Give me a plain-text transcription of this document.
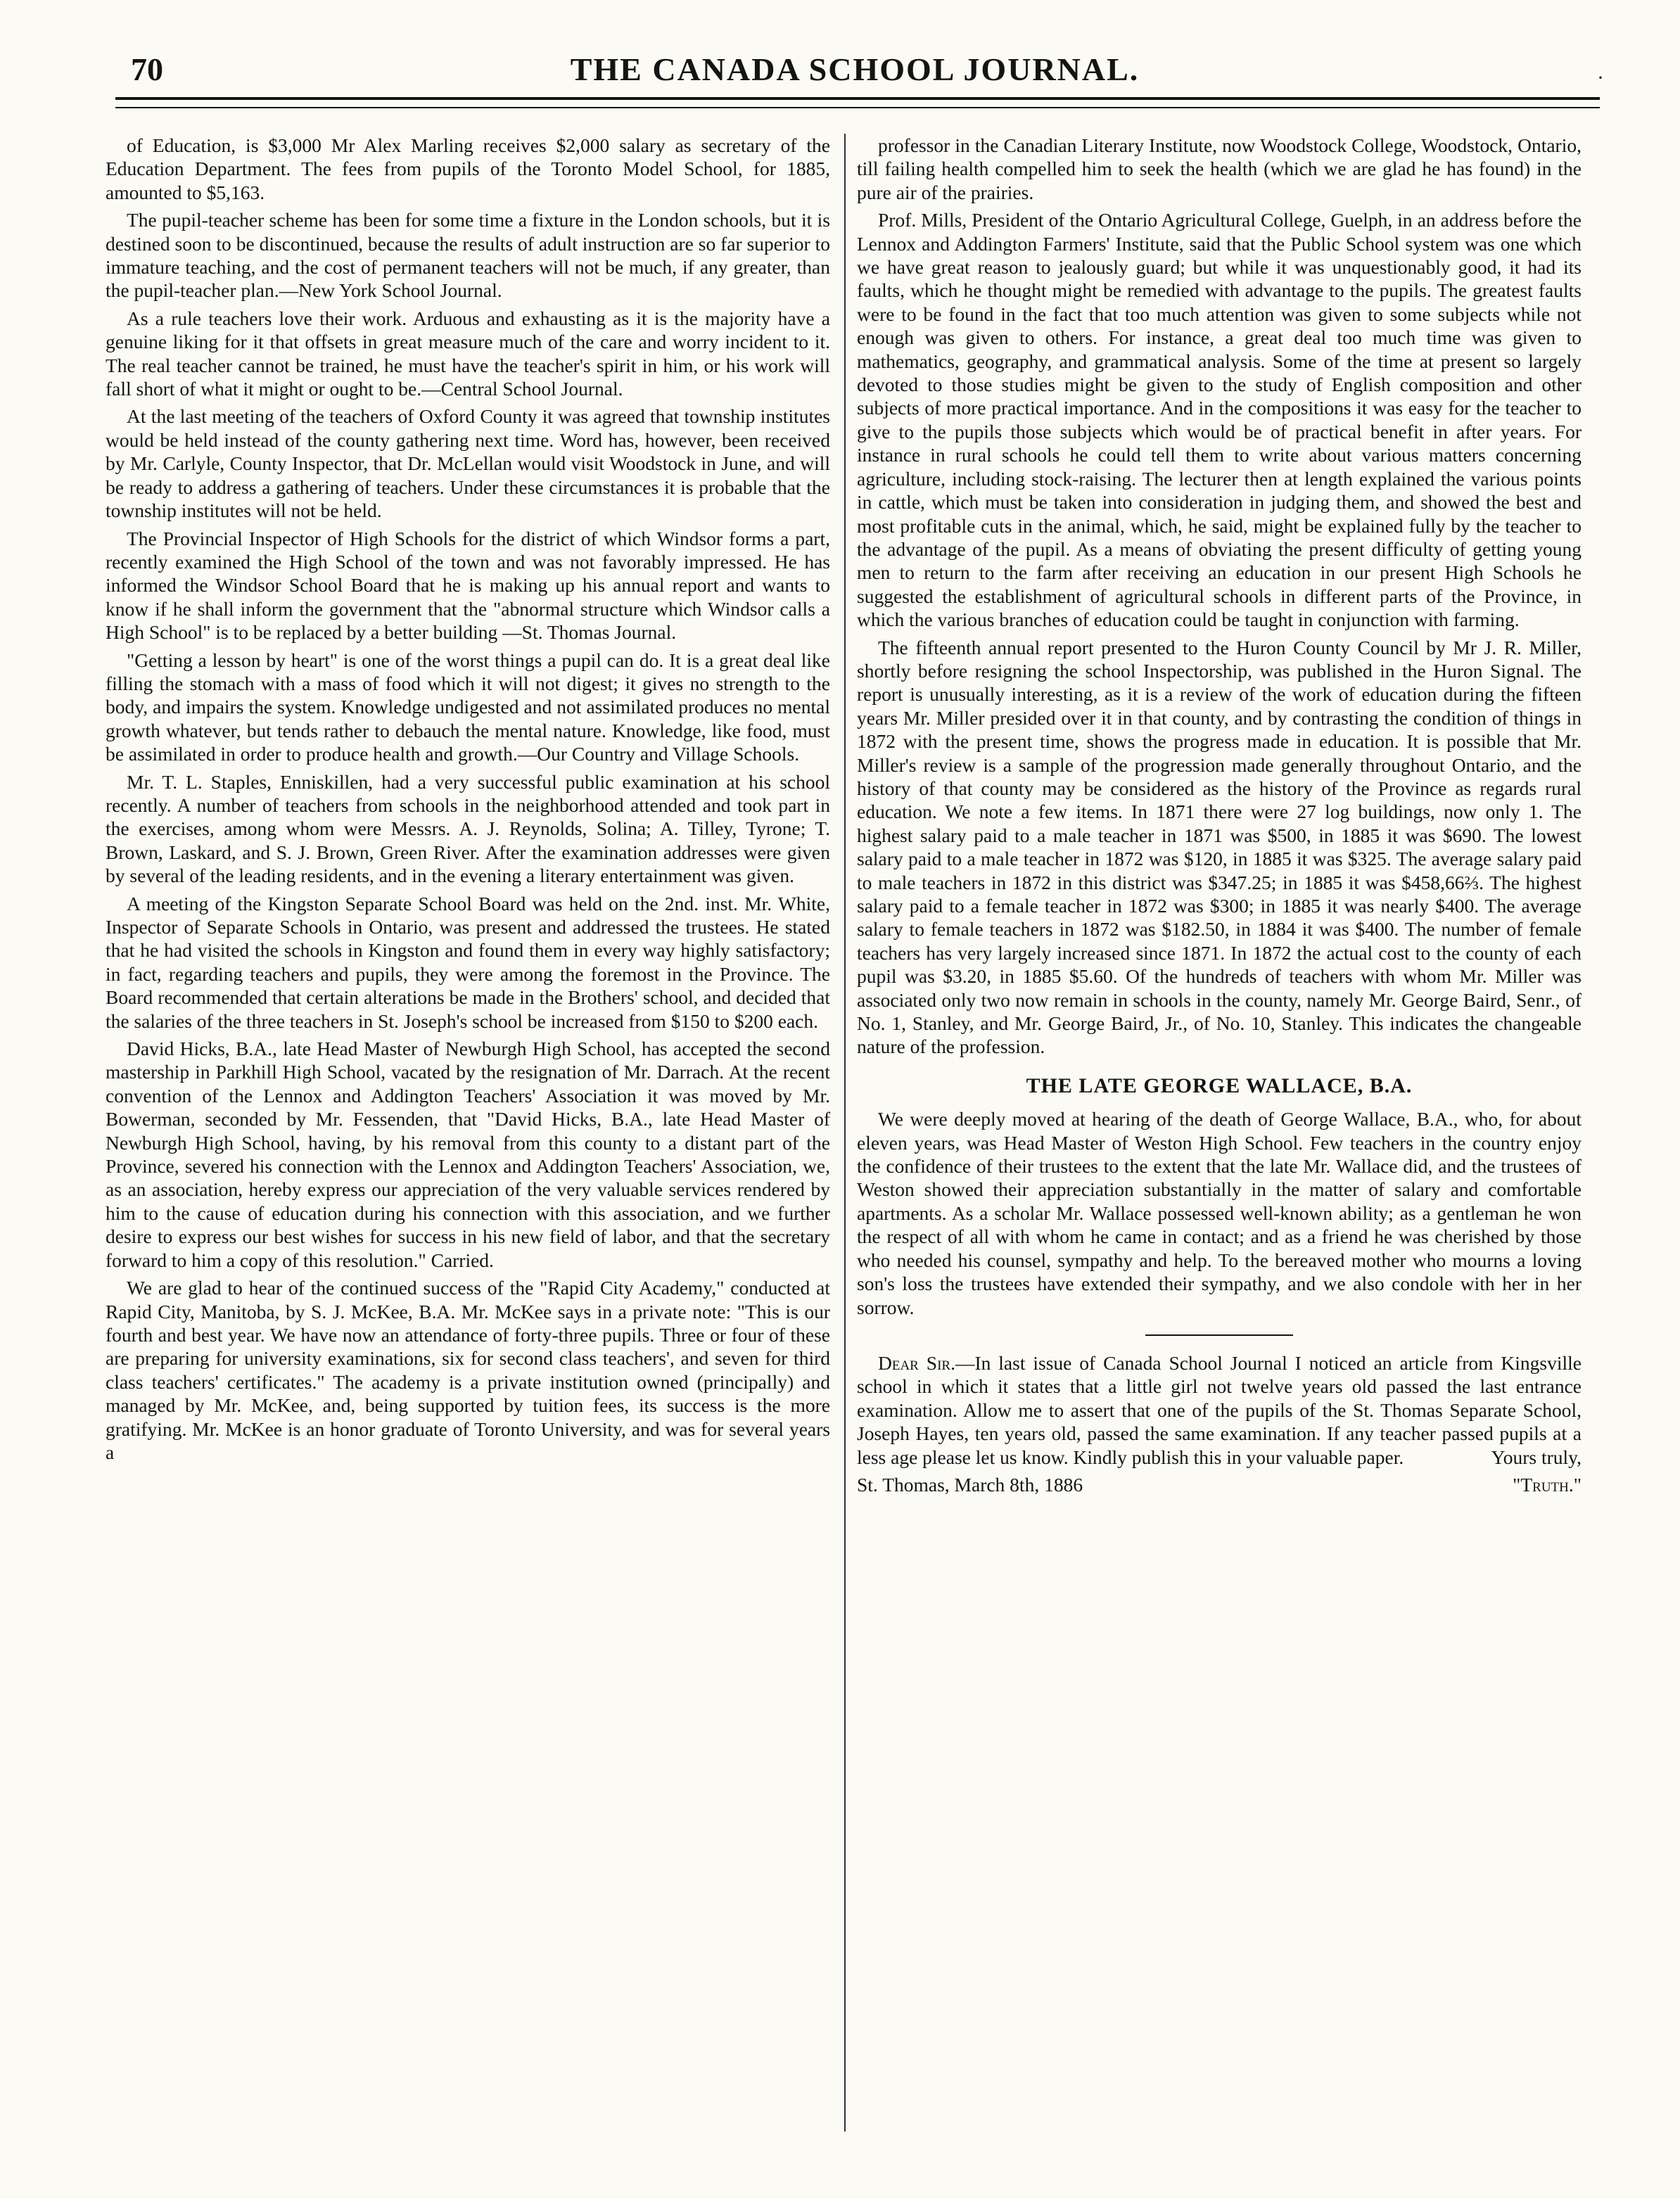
70	THE CANADA SCHOOL JOURNAL.	·

of Education, is $3,000 Mr Alex Marling receives $2,000 salary as secretary of the Education Department. The fees from pupils of the Toronto Model School, for 1885, amounted to $5,163.

The pupil-teacher scheme has been for some time a fixture in the London schools, but it is destined soon to be discontinued, because the results of adult instruction are so far superior to immature teaching, and the cost of permanent teachers will not be much, if any greater, than the pupil-teacher plan.—New York School Journal.

As a rule teachers love their work. Arduous and exhausting as it is the majority have a genuine liking for it that offsets in great measure much of the care and worry incident to it. The real teacher cannot be trained, he must have the teacher's spirit in him, or his work will fall short of what it might or ought to be.—Central School Journal.

At the last meeting of the teachers of Oxford County it was agreed that township institutes would be held instead of the county gathering next time. Word has, however, been received by Mr. Carlyle, County Inspector, that Dr. McLellan would visit Woodstock in June, and will be ready to address a gathering of teachers. Under these circumstances it is probable that the township institutes will not be held.

The Provincial Inspector of High Schools for the district of which Windsor forms a part, recently examined the High School of the town and was not favorably impressed. He has informed the Windsor School Board that he is making up his annual report and wants to know if he shall inform the government that the "abnormal structure which Windsor calls a High School" is to be replaced by a better building —St. Thomas Journal.

"Getting a lesson by heart" is one of the worst things a pupil can do. It is a great deal like filling the stomach with a mass of food which it will not digest; it gives no strength to the body, and impairs the system. Knowledge undigested and not assimilated produces no mental growth whatever, but tends rather to debauch the mental nature. Knowledge, like food, must be assimilated in order to produce health and growth.—Our Country and Village Schools.

Mr. T. L. Staples, Enniskillen, had a very successful public examination at his school recently. A number of teachers from schools in the neighborhood attended and took part in the exercises, among whom were Messrs. A. J. Reynolds, Solina; A. Tilley, Tyrone; T. Brown, Laskard, and S. J. Brown, Green River. After the examination addresses were given by several of the leading residents, and in the evening a literary entertainment was given.

A meeting of the Kingston Separate School Board was held on the 2nd. inst. Mr. White, Inspector of Separate Schools in Ontario, was present and addressed the trustees. He stated that he had visited the schools in Kingston and found them in every way highly satisfactory; in fact, regarding teachers and pupils, they were among the foremost in the Province. The Board recommended that certain alterations be made in the Brothers' school, and decided that the salaries of the three teachers in St. Joseph's school be increased from $150 to $200 each.

David Hicks, B.A., late Head Master of Newburgh High School, has accepted the second mastership in Parkhill High School, vacated by the resignation of Mr. Darrach. At the recent convention of the Lennox and Addington Teachers' Association it was moved by Mr. Bowerman, seconded by Mr. Fessenden, that "David Hicks, B.A., late Head Master of Newburgh High School, having, by his removal from this county to a distant part of the Province, severed his connection with the Lennox and Addington Teachers' Association, we, as an association, hereby express our appreciation of the very valuable services rendered by him to the cause of education during his connection with this association, and we further desire to express our best wishes for success in his new field of labor, and that the secretary forward to him a copy of this resolution." Carried.

We are glad to hear of the continued success of the "Rapid City Academy," conducted at Rapid City, Manitoba, by S. J. McKee, B.A. Mr. McKee says in a private note: "This is our fourth and best year. We have now an attendance of forty-three pupils. Three or four of these are preparing for university examinations, six for second class teachers', and seven for third class teachers' certificates." The academy is a private institution owned (principally) and managed by Mr. McKee, and, being supported by tuition fees, its success is the more gratifying. Mr. McKee is an honor graduate of Toronto University, and was for several years a

professor in the Canadian Literary Institute, now Woodstock College, Woodstock, Ontario, till failing health compelled him to seek the health (which we are glad he has found) in the pure air of the prairies.

Prof. Mills, President of the Ontario Agricultural College, Guelph, in an address before the Lennox and Addington Farmers' Institute, said that the Public School system was one which we have great reason to jealously guard; but while it was unquestionably good, it had its faults, which he thought might be remedied with advantage to the pupils. The greatest faults were to be found in the fact that too much attention was given to some subjects while not enough was given to others. For instance, a great deal too much time was given to mathematics, geography, and grammatical analysis. Some of the time at present so largely devoted to those studies might be given to the study of English composition and other subjects of more practical importance. And in the compositions it was easy for the teacher to give to the pupils those subjects which would be of practical benefit in after years. For instance in rural schools he could tell them to write about various matters concerning agriculture, including stock-raising. The lecturer then at length explained the various points in cattle, which must be taken into consideration in judging them, and showed the best and most profitable cuts in the animal, which, he said, might be explained fully by the teacher to the advantage of the pupil. As a means of obviating the present difficulty of getting young men to return to the farm after receiving an education in our present High Schools he suggested the establishment of agricultural schools in different parts of the Province, in which the various branches of education could be taught in conjunction with farming.

The fifteenth annual report presented to the Huron County Council by Mr J. R. Miller, shortly before resigning the school Inspectorship, was published in the Huron Signal. The report is unusually interesting, as it is a review of the work of education during the fifteen years Mr. Miller presided over it in that county, and by contrasting the condition of things in 1872 with the present time, shows the progress made in education. It is possible that Mr. Miller's review is a sample of the progression made generally throughout Ontario, and the history of that county may be considered as the history of the Province as regards rural education. We note a few items. In 1871 there were 27 log buildings, now only 1. The highest salary paid to a male teacher in 1871 was $500, in 1885 it was $690. The lowest salary paid to a male teacher in 1872 was $120, in 1885 it was $325. The average salary paid to male teachers in 1872 in this district was $347.25; in 1885 it was $458,66⅔. The highest salary paid to a female teacher in 1872 was $300; in 1885 it was nearly $400. The average salary to female teachers in 1872 was $182.50, in 1884 it was $400. The number of female teachers has very largely increased since 1871. In 1872 the actual cost to the county of each pupil was $3.20, in 1885 $5.60. Of the hundreds of teachers with whom Mr. Miller was associated only two now remain in schools in the county, namely Mr. George Baird, Senr., of No. 1, Stanley, and Mr. George Baird, Jr., of No. 10, Stanley. This indicates the changeable nature of the profession.

THE LATE GEORGE WALLACE, B.A.

We were deeply moved at hearing of the death of George Wallace, B.A., who, for about eleven years, was Head Master of Weston High School. Few teachers in the country enjoy the confidence of their trustees to the extent that the late Mr. Wallace did, and the trustees of Weston showed their appreciation substantially in the matter of salary and comfortable apartments. As a scholar Mr. Wallace possessed well-known ability; as a gentleman he won the respect of all with whom he came in contact; and as a friend he was cherished by those who needed his counsel, sympathy and help. To the bereaved mother who mourns a loving son's loss the trustees have extended their sympathy, and we also condole with her in her sorrow.

Dear Sir.—In last issue of Canada School Journal I noticed an article from Kingsville school in which it states that a little girl not twelve years old passed the last entrance examination. Allow me to assert that one of the pupils of the St. Thomas Separate School, Joseph Hayes, ten years old, passed the same examination. If any teacher passed pupils at a less age please let us know. Kindly publish this in your valuable paper.	Yours truly,

St. Thomas, March 8th, 1886	"Truth."
